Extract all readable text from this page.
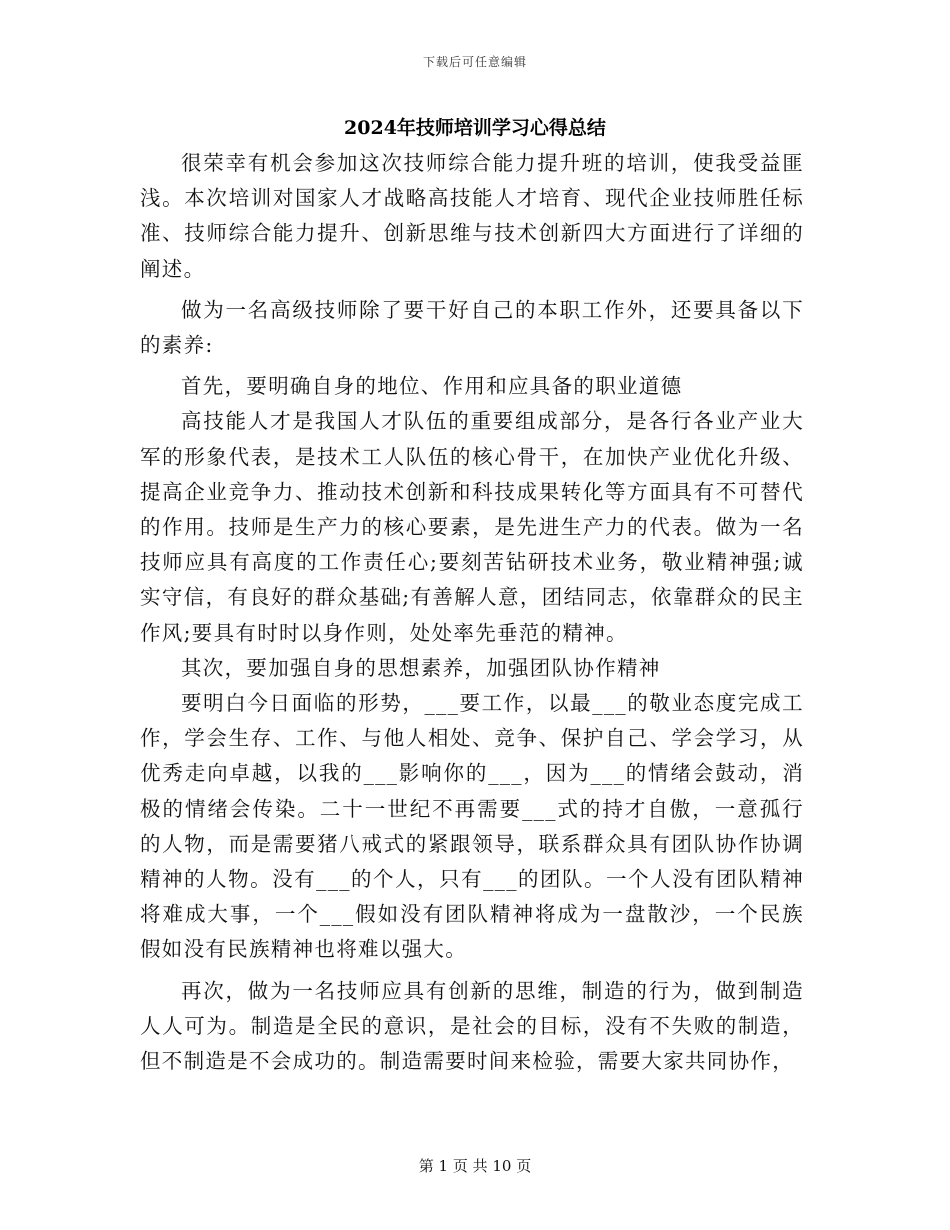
下载后可任意编辑
2024年技师培训学习心得总结

很荣幸有机会参加这次技师综合能力提升班的培训，使我受益匪浅。本次培训对国家人才战略高技能人才培育、现代企业技师胜任标准、技师综合能力提升、创新思维与技术创新四大方面进行了详细的阐述。

做为一名高级技师除了要干好自己的本职工作外，还要具备以下的素养:

首先，要明确自身的地位、作用和应具备的职业道德

高技能人才是我国人才队伍的重要组成部分，是各行各业产业大军的形象代表，是技术工人队伍的核心骨干，在加快产业优化升级、提高企业竞争力、推动技术创新和科技成果转化等方面具有不可替代的作用。技师是生产力的核心要素，是先进生产力的代表。做为一名技师应具有高度的工作责任心;要刻苦钻研技术业务，敬业精神强;诚实守信，有良好的群众基础;有善解人意，团结同志，依靠群众的民主作风;要具有时时以身作则，处处率先垂范的精神。

其次，要加强自身的思想素养，加强团队协作精神

要明白今日面临的形势，___要工作，以最___的敬业态度完成工作，学会生存、工作、与他人相处、竞争、保护自己、学会学习，从优秀走向卓越，以我的___影响你的___，因为___的情绪会鼓动，消极的情绪会传染。二十一世纪不再需要___式的持才自傲，一意孤行的人物，而是需要猪八戒式的紧跟领导，联系群众具有团队协作协调精神的人物。没有___的个人，只有___的团队。一个人没有团队精神将难成大事，一个___假如没有团队精神将成为一盘散沙，一个民族假如没有民族精神也将难以强大。

再次，做为一名技师应具有创新的思维，制造的行为，做到制造人人可为。制造是全民的意识，是社会的目标，没有不失败的制造，但不制造是不会成功的。制造需要时间来检验，需要大家共同协作，

第 1 页 共 10 页
